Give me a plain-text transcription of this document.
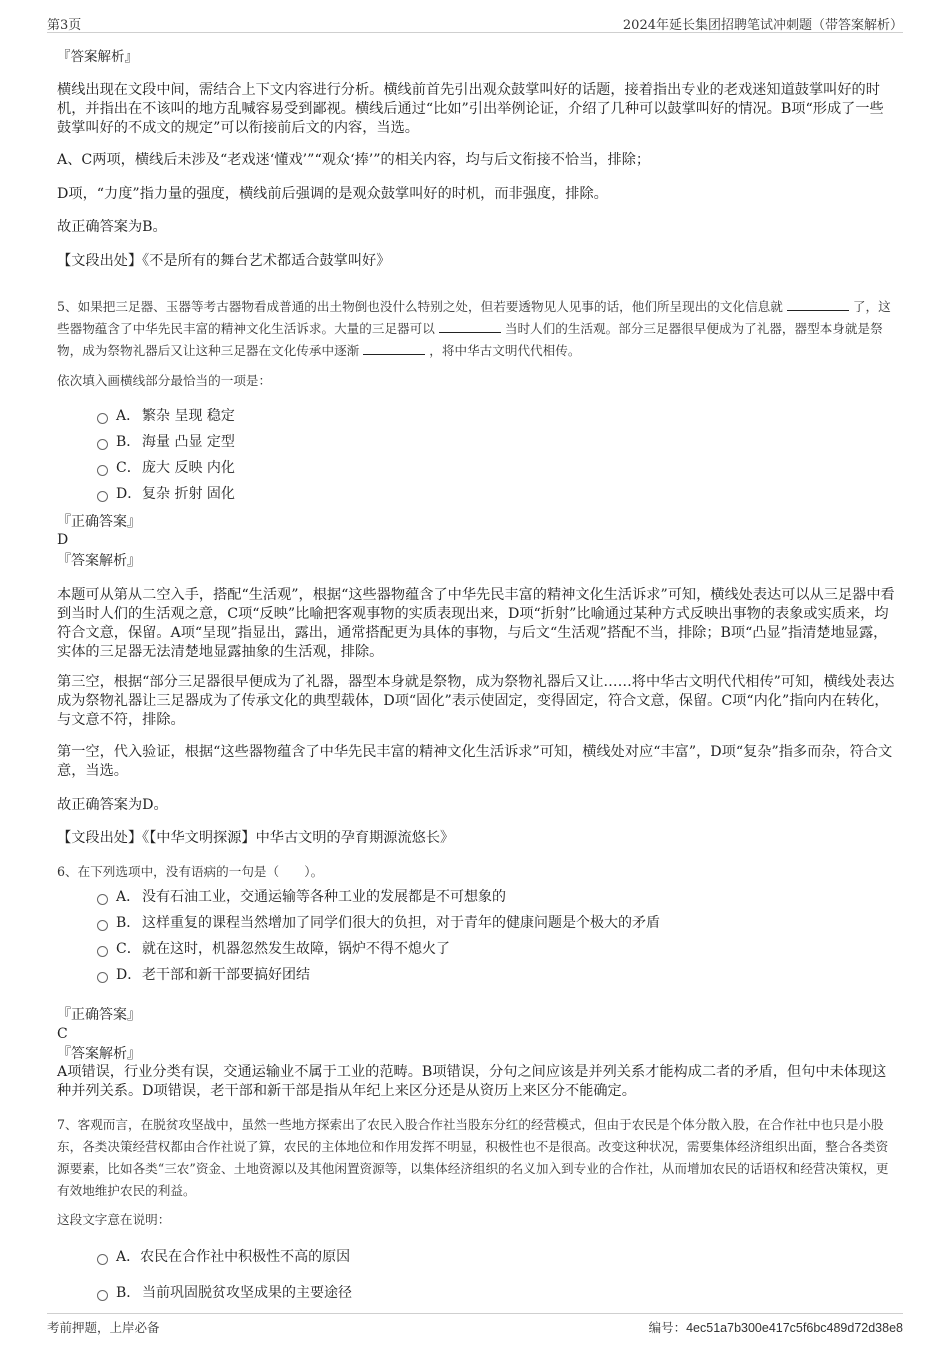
第3页	2024年延长集团招聘笔试冲刺题（带答案解析）

『答案解析』

横线出现在文段中间，需结合上下文内容进行分析。横线前首先引出观众鼓掌叫好的话题，接着指出专业的老戏迷知道鼓掌叫好的时机，并指出在不该叫的地方乱喊容易受到鄙视。横线后通过“比如”引出举例论证，介绍了几种可以鼓掌叫好的情况。B项“形成了一些鼓掌叫好的不成文的规定”可以衔接前后文的内容，当选。

A、C两项，横线后未涉及“老戏迷‘懂戏’”“观众‘捧’”的相关内容，均与后文衔接不恰当，排除；

D项，“力度”指力量的强度，横线前后强调的是观众鼓掌叫好的时机，而非强度，排除。

故正确答案为B。

【文段出处】《不是所有的舞台艺术都适合鼓掌叫好》

5、如果把三足器、玉器等考古器物看成普通的出土物倒也没什么特别之处，但若要透物见人见事的话，他们所呈现出的文化信息就	了，这些器物蕴含了中华先民丰富的精神文化生活诉求。大量的三足器可以	当时人们的生活观。部分三足器很早便成为了礼器，器型本身就是祭物，成为祭物礼器后又让这种三足器在文化传承中逐渐	，将中华古文明代代相传。

依次填入画横线部分最恰当的一项是：

A． 繁杂 呈现 稳定
B． 海量 凸显 定型
C．庞大 反映 内化
D．复杂 折射 固化
『正确答案』
D
『答案解析』

本题可从第从二空入手，搭配“生活观”，根据“这些器物蕴含了中华先民丰富的精神文化生活诉求”可知，横线处表达可以从三足器中看到当时人们的生活观之意，C项“反映”比喻把客观事物的实质表现出来，D项“折射”比喻通过某种方式反映出事物的表象或实质来，均符合文意，保留。A项“呈现”指显出，露出，通常搭配更为具体的事物，与后文“生活观”搭配不当，排除；B项“凸显”指清楚地显露，实体的三足器无法清楚地显露抽象的生活观，排除。

第三空，根据“部分三足器很早便成为了礼器，器型本身就是祭物，成为祭物礼器后又让……将中华古文明代代相传”可知，横线处表达成为祭物礼器让三足器成为了传承文化的典型载体，D项“固化”表示使固定，变得固定，符合文意，保留。C项“内化”指向内在转化，与文意不符，排除。

第一空，代入验证，根据“这些器物蕴含了中华先民丰富的精神文化生活诉求”可知，横线处对应“丰富”，D项“复杂”指多而杂，符合文意，当选。

故正确答案为D。

【文段出处】《【中华文明探源】中华古文明的孕育期源流悠长》

6、在下列选项中，没有语病的一句是（　　）。

A． 没有石油工业，交通运输等各种工业的发展都是不可想象的
B． 这样重复的课程当然增加了同学们很大的负担，对于青年的健康问题是个极大的矛盾
C．就在这时，机器忽然发生故障，锅炉不得不熄火了
D．老干部和新干部要搞好团结
『正确答案』
C
『答案解析』

A项错误，行业分类有误，交通运输业不属于工业的范畴。B项错误，分句之间应该是并列关系才能构成二者的矛盾，但句中未体现这种并列关系。D项错误，老干部和新干部是指从年纪上来区分还是从资历上来区分不能确定。

7、客观而言，在脱贫攻坚战中，虽然一些地方探索出了农民入股合作社当股东分红的经营模式，但由于农民是个体分散入股，在合作社中也只是小股东，各类决策经营权都由合作社说了算，农民的主体地位和作用发挥不明显，积极性也不是很高。改变这种状况，需要集体经济组织出面，整合各类资源要素，比如各类“三农”资金、土地资源以及其他闲置资源等，以集体经济组织的名义加入到专业的合作社，从而增加农民的话语权和经营决策权，更有效地维护农民的利益。

这段文字意在说明：

A．农民在合作社中积极性不高的原因
B． 当前巩固脱贫攻坚成果的主要途径
考前押题，上岸必备	编号：4ec51a7b300e417c5f6bc489d72d38e8
